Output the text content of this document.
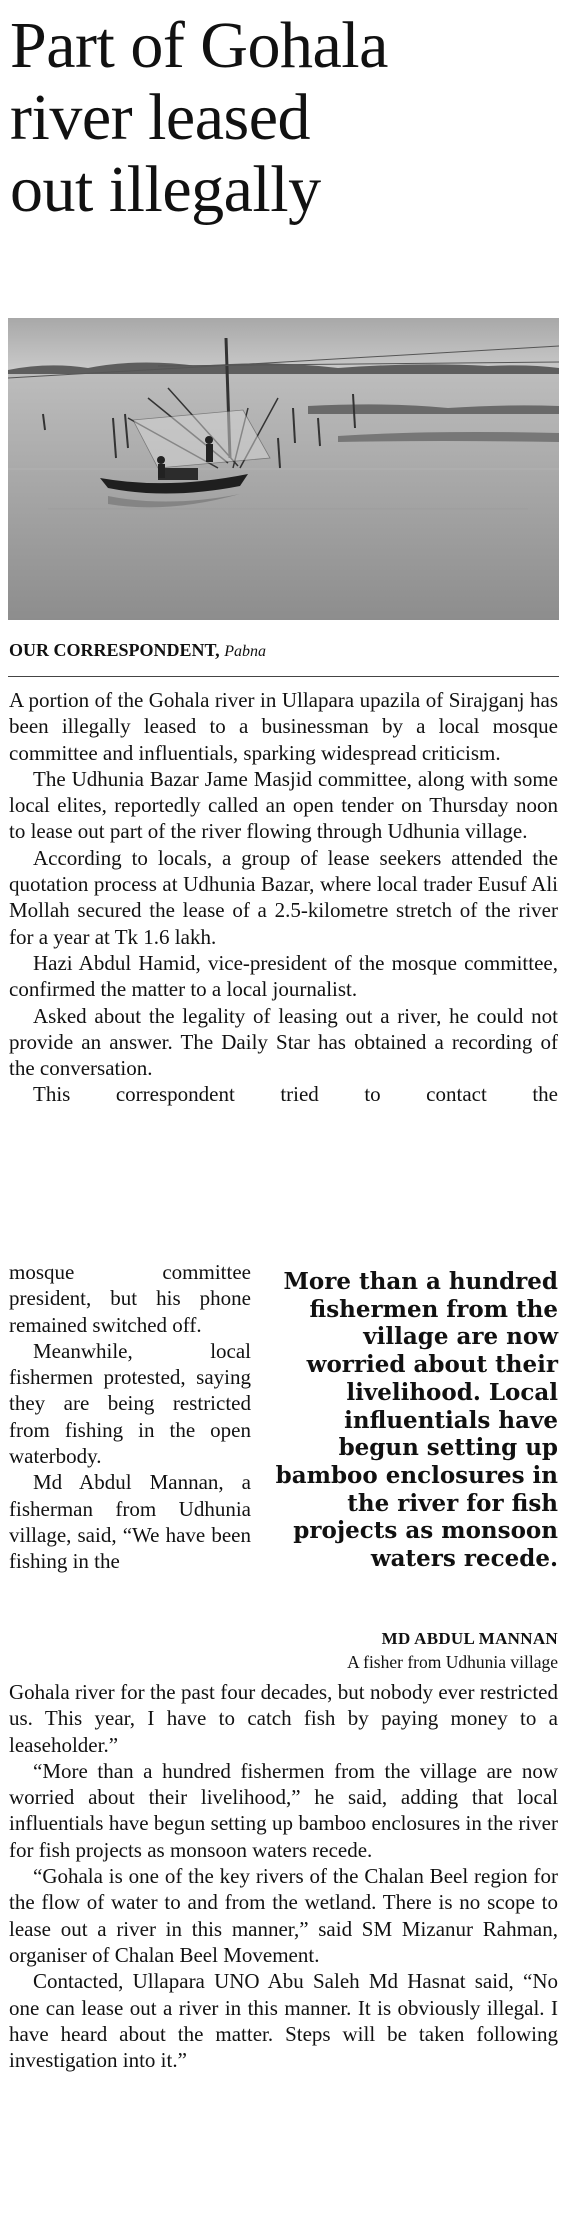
Part of Gohala
river leased
out illegally
OUR CORRESPONDENT, Pabna

A portion of the Gohala river in Ullapara upazila of Sirajganj has been illegally leased to a businessman by a local mosque committee and influentials, sparking widespread criticism.

The Udhunia Bazar Jame Masjid committee, along with some local elites, reportedly called an open tender on Thursday noon to lease out part of the river flowing through Udhunia village.

According to locals, a group of lease seekers attended the quotation process at Udhunia Bazar, where local trader Eusuf Ali Mollah secured the lease of a 2.5-kilometre stretch of the river for a year at Tk 1.6 lakh.

Hazi Abdul Hamid, vice-president of the mosque committee, confirmed the matter to a local journalist.

Asked about the legality of leasing out a river, he could not provide an answer. The Daily Star has obtained a recording of the conversation.

This correspondent tried to contact the

mosque committee president, but his phone remained switched off.

Meanwhile, local fishermen protested, saying they are being restricted from fishing in the open waterbody.

Md Abdul Mannan, a fisherman from Udhunia village, said, “We have been fishing in the

More than a hundred fishermen from the village are now worried about their livelihood. Local influentials have begun setting up bamboo enclosures in the river for fish projects as monsoon waters recede.
MD ABDUL MANNAN
A fisher from Udhunia village

Gohala river for the past four decades, but nobody ever restricted us. This year, I have to catch fish by paying money to a leaseholder.”

“More than a hundred fishermen from the village are now worried about their livelihood,” he said, adding that local influentials have begun setting up bamboo enclosures in the river for fish projects as monsoon waters recede.

“Gohala is one of the key rivers of the Chalan Beel region for the flow of water to and from the wetland. There is no scope to lease out a river in this manner,” said SM Mizanur Rahman, organiser of Chalan Beel Movement.

Contacted, Ullapara UNO Abu Saleh Md Hasnat said, “No one can lease out a river in this manner. It is obviously illegal. I have heard about the matter. Steps will be taken following investigation into it.”
